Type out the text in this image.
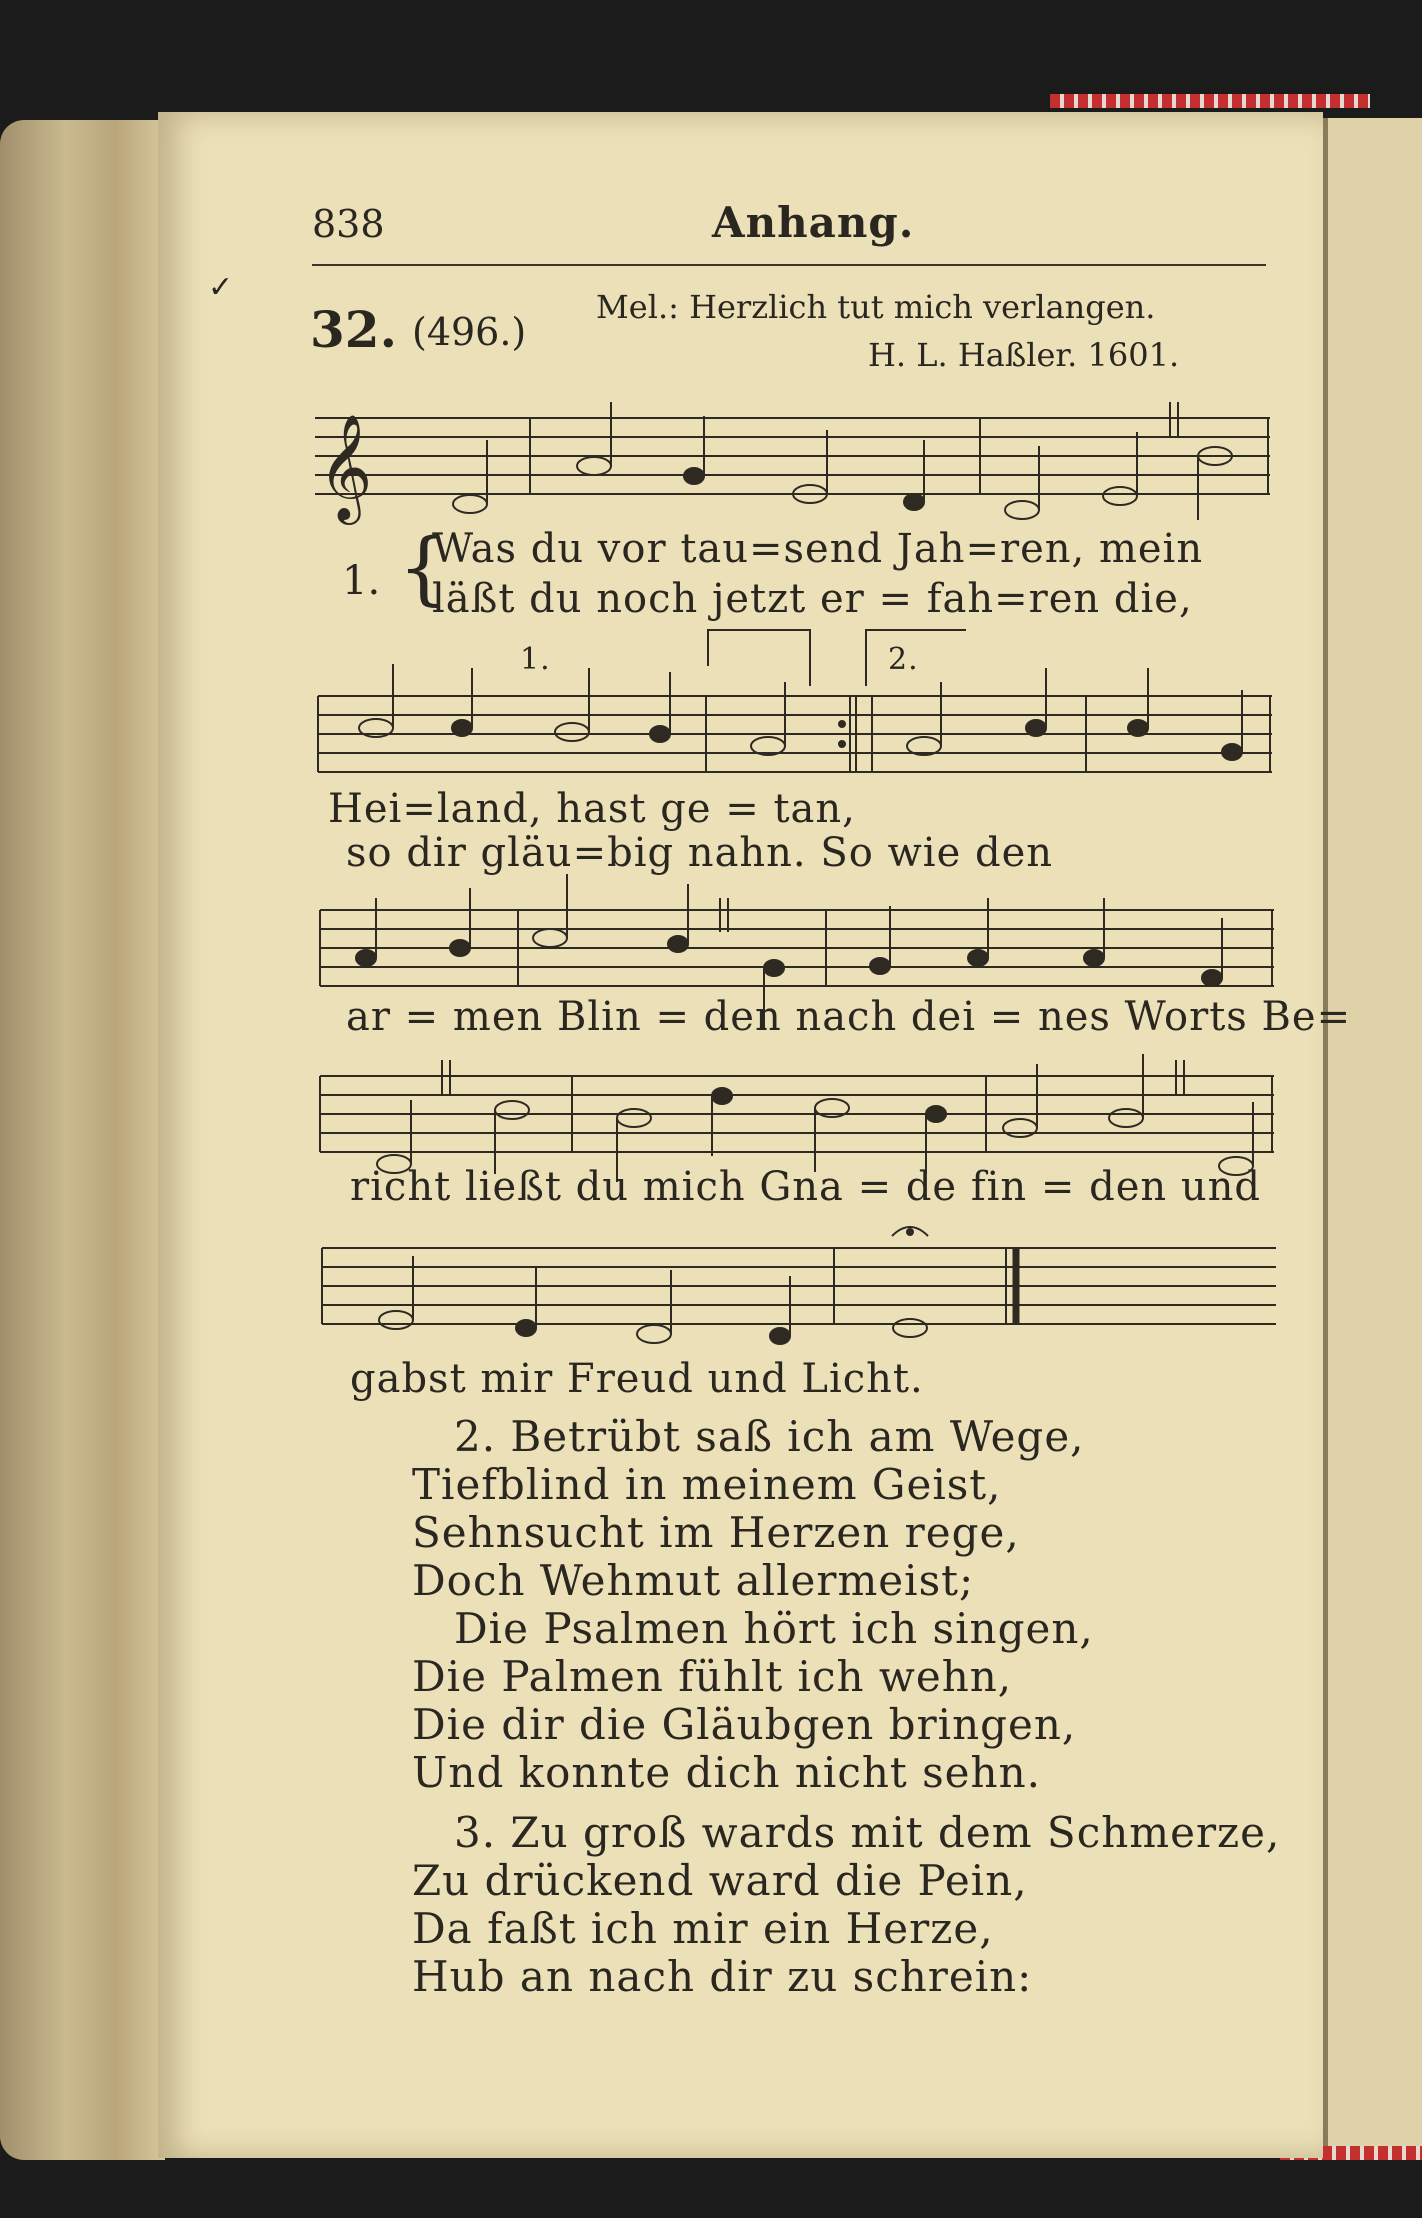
✓
838	Anhang.
32. (496.)
Mel.: Herzlich tut mich verlangen.
H. L. Haßler. 1601.
𝄞
1.	2.
1. {
Was du vor tau=send Jah=ren, mein
läßt du noch jetzt er = fah=ren die,
Hei=land, hast ge = tan,
so dir gläu=big nahn. So wie den
ar = men Blin = den nach dei = nes Worts Be=
richt ließt du mich Gna = de fin = den und
gabst mir Freud und Licht.
2. Betrübt saß ich am Wege,
Tiefblind in meinem Geist,
Sehnsucht im Herzen rege,
Doch Wehmut allermeist;
Die Psalmen hört ich singen,
Die Palmen fühlt ich wehn,
Die dir die Gläubgen bringen,
Und konnte dich nicht sehn.
3. Zu groß wards mit dem Schmerze,
Zu drückend ward die Pein,
Da faßt ich mir ein Herze,
Hub an nach dir zu schrein:
